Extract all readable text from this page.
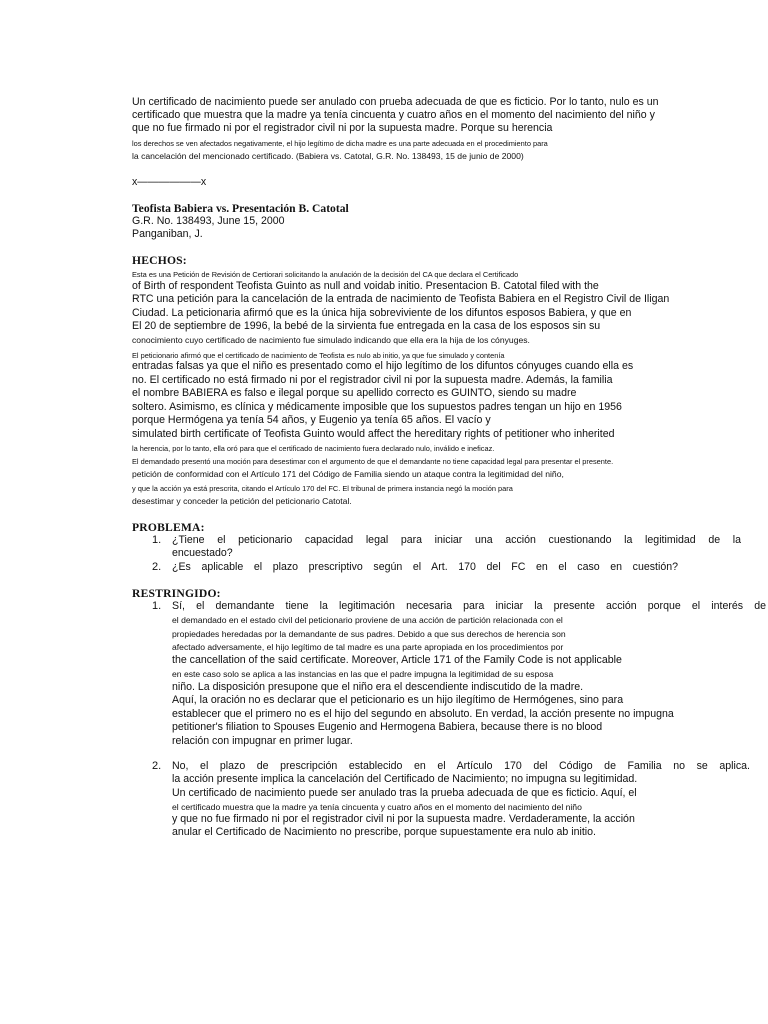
Un certificado de nacimiento puede ser anulado con prueba adecuada de que es ficticio. Por lo tanto, nulo es un
certificado que muestra que la madre ya tenía cincuenta y cuatro años en el momento del nacimiento del niño y
que no fue firmado ni por el registrador civil ni por la supuesta madre. Porque su herencia
los derechos se ven afectados negativamente, el hijo legítimo de dicha madre es una parte adecuada en el procedimiento para
la cancelación del mencionado certificado. (Babiera vs. Catotal, G.R. No. 138493, 15 de junio de 2000)
x——————x
Teofista Babiera vs. Presentación B. Catotal
G.R. No. 138493, June 15, 2000
Panganiban, J.
HECHOS:
Esta es una Petición de Revisión de Certiorari solicitando la anulación de la decisión del CA que declara el Certificado
of Birth of respondent Teofista Guinto as null and voidab initio. Presentacion B. Catotal filed with the
RTC una petición para la cancelación de la entrada de nacimiento de Teofista Babiera en el Registro Civil de Iligan
Ciudad. La peticionaria afirmó que es la única hija sobreviviente de los difuntos esposos Babiera, y que en
El 20 de septiembre de 1996, la bebé de la sirvienta fue entregada en la casa de los esposos sin su
conocimiento cuyo certificado de nacimiento fue simulado indicando que ella era la hija de los cónyuges.
El peticionario afirmó que el certificado de nacimiento de Teofista es nulo ab initio, ya que fue simulado y contenía
entradas falsas ya que el niño es presentado como el hijo legítimo de los difuntos cónyuges cuando ella es
no. El certificado no está firmado ni por el registrador civil ni por la supuesta madre. Además, la familia
el nombre BABIERA es falso e ilegal porque su apellido correcto es GUINTO, siendo su madre
soltero. Asimismo, es clínica y médicamente imposible que los supuestos padres tengan un hijo en 1956
porque Hermógena ya tenía 54 años, y Eugenio ya tenía 65 años. El vacío y
simulated birth certificate of Teofista Guinto would affect the hereditary rights of petitioner who inherited
la herencia, por lo tanto, ella oró para que el certificado de nacimiento fuera declarado nulo, inválido e ineficaz.
El demandado presentó una moción para desestimar con el argumento de que el demandante no tiene capacidad legal para presentar el presente.
petición de conformidad con el Artículo 171 del Código de Familia siendo un ataque contra la legitimidad del niño,
y que la acción ya está prescrita, citando el Artículo 170 del FC. El tribunal de primera instancia negó la moción para
desestimar y conceder la petición del peticionario Catotal.
PROBLEMA:
1. ¿Tiene el peticionario capacidad legal para iniciar una acción cuestionando la legitimidad de la
encuestado?
2. ¿Es aplicable el plazo prescriptivo según el Art. 170 del FC en el caso en cuestión?
RESTRINGIDO:
1. Sí, el demandante tiene la legitimación necesaria para iniciar la presente acción porque el interés de
el demandado en el estado civil del peticionario proviene de una acción de partición relacionada con el
propiedades heredadas por la demandante de sus padres. Debido a que sus derechos de herencia son
afectado adversamente, el hijo legítimo de tal madre es una parte apropiada en los procedimientos por
the cancellation of the said certificate. Moreover, Article 171 of the Family Code is not applicable
en este caso solo se aplica a las instancias en las que el padre impugna la legitimidad de su esposa
niño. La disposición presupone que el niño era el descendiente indiscutido de la madre.
Aquí, la oración no es declarar que el peticionario es un hijo ilegítimo de Hermógenes, sino para
establecer que el primero no es el hijo del segundo en absoluto. En verdad, la acción presente no impugna
petitioner's filiation to Spouses Eugenio and Hermogena Babiera, because there is no blood
relación con impugnar en primer lugar.
2. No, el plazo de prescripción establecido en el Artículo 170 del Código de Familia no se aplica.
la acción presente implica la cancelación del Certificado de Nacimiento; no impugna su legitimidad.
Un certificado de nacimiento puede ser anulado tras la prueba adecuada de que es ficticio. Aquí, el
el certificado muestra que la madre ya tenía cincuenta y cuatro años en el momento del nacimiento del niño
y que no fue firmado ni por el registrador civil ni por la supuesta madre. Verdaderamente, la acción
anular el Certificado de Nacimiento no prescribe, porque supuestamente era nulo ab initio.
